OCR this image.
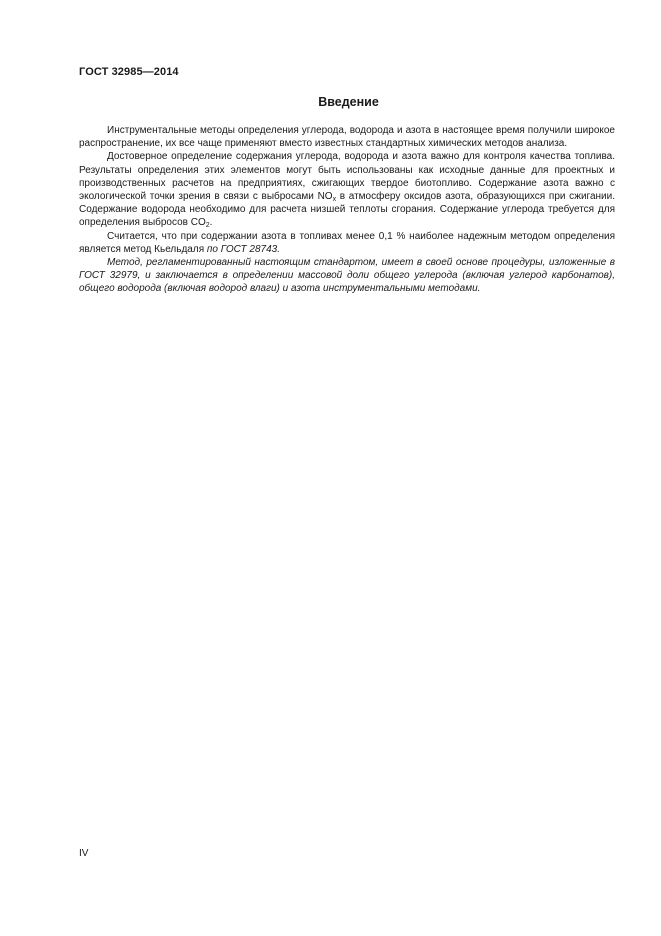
ГОСТ 32985—2014
Введение

Инструментальные методы определения углерода, водорода и азота в настоящее время получили широкое распространение, их все чаще применяют вместо известных стандартных химических методов анализа.

Достоверное определение содержания углерода, водорода и азота важно для контроля качества топлива. Результаты определения этих элементов могут быть использованы как исходные данные для проектных и производственных расчетов на предприятиях, сжигающих твердое биотопливо. Содержание азота важно с экологической точки зрения в связи с выбросами $NO_x$ в атмосферу оксидов азота, образующихся при сжигании. Содержание водорода необходимо для расчета низшей теплоты сгорания. Содержание углерода требуется для определения выбросов $CO_2$.

Считается, что при содержании азота в топливах менее 0,1 % наиболее надежным методом определения является метод Кьельдаля по ГОСТ 28743.

Метод, регламентированный настоящим стандартом, имеет в своей основе процедуры, изложенные в ГОСТ 32979, и заключается в определении массовой доли общего углерода (включая углерод карбонатов), общего водорода (включая водород влаги) и азота инструментальными методами.

IV
